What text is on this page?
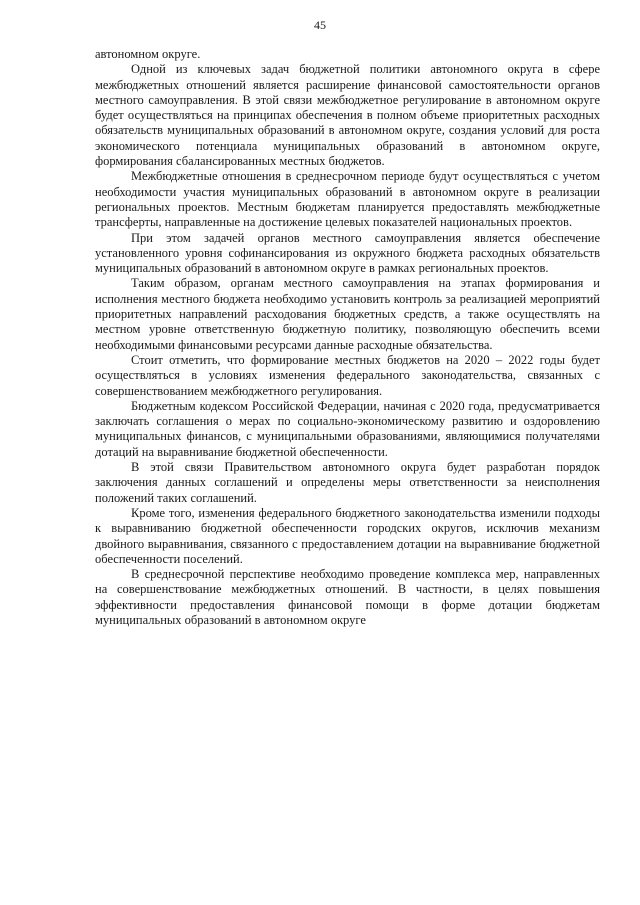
45

автономном округе.

Одной из ключевых задач бюджетной политики автономного округа в сфере межбюджетных отношений является расширение финансовой самостоятельности органов местного самоуправления. В этой связи межбюджетное регулирование в автономном округе будет осуществляться на принципах обеспечения в полном объеме приоритетных расходных обязательств муниципальных образований в автономном округе, создания условий для роста экономического потенциала муниципальных образований в автономном округе, формирования сбалансированных местных бюджетов.

Межбюджетные отношения в среднесрочном периоде будут осуществляться с учетом необходимости участия муниципальных образований в автономном округе в реализации региональных проектов. Местным бюджетам планируется предоставлять межбюджетные трансферты, направленные на достижение целевых показателей национальных проектов.

При этом задачей органов местного самоуправления является обеспечение установленного уровня софинансирования из окружного бюджета расходных обязательств муниципальных образований в автономном округе в рамках региональных проектов.

Таким образом, органам местного самоуправления на этапах формирования и исполнения местного бюджета необходимо установить контроль за реализацией мероприятий приоритетных направлений расходования бюджетных средств, а также осуществлять на местном уровне ответственную бюджетную политику, позволяющую обеспечить всеми необходимыми финансовыми ресурсами данные расходные обязательства.

Стоит отметить, что формирование местных бюджетов на 2020 – 2022 годы будет осуществляться в условиях изменения федерального законодательства, связанных с совершенствованием межбюджетного регулирования.

Бюджетным кодексом Российской Федерации, начиная с 2020 года, предусматривается заключать соглашения о мерах по социально-экономическому развитию и оздоровлению муниципальных финансов, с муниципальными образованиями, являющимися получателями дотаций на выравнивание бюджетной обеспеченности.

В этой связи Правительством автономного округа будет разработан порядок заключения данных соглашений и определены меры ответственности за неисполнения положений таких соглашений.

Кроме того, изменения федерального бюджетного законодательства изменили подходы к выравниванию бюджетной обеспеченности городских округов, исключив механизм двойного выравнивания, связанного с предоставлением дотации на выравнивание бюджетной обеспеченности поселений.

В среднесрочной перспективе необходимо проведение комплекса мер, направленных на совершенствование межбюджетных отношений. В частности, в целях повышения эффективности предоставления финансовой помощи в форме дотации бюджетам муниципальных образований в автономном округе
